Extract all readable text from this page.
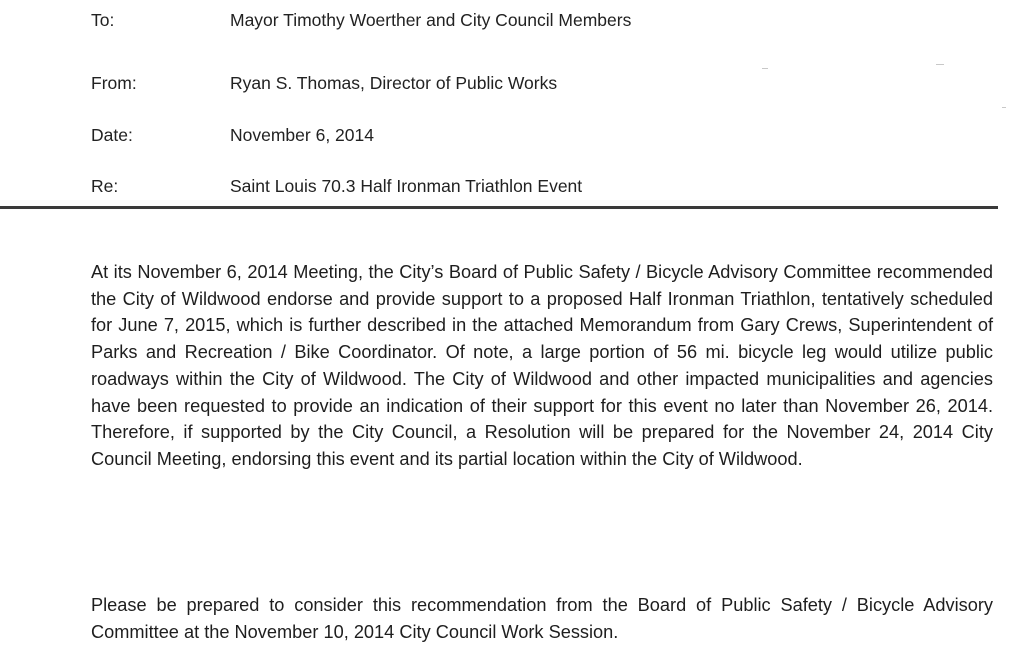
To:	Mayor Timothy Woerther and City Council Members
From:	Ryan S. Thomas, Director of Public Works
Date:	November 6, 2014
Re:	Saint Louis 70.3 Half Ironman Triathlon Event

At its November 6, 2014 Meeting, the City’s Board of Public Safety / Bicycle Advisory Committee recommended the City of Wildwood endorse and provide support to a proposed Half Ironman Triathlon, tentatively scheduled for June 7, 2015, which is further described in the attached Memorandum from Gary Crews, Superintendent of Parks and Recreation / Bike Coordinator. Of note, a large portion of 56 mi. bicycle leg would utilize public roadways within the City of Wildwood. The City of Wildwood and other impacted municipalities and agencies have been requested to provide an indication of their support for this event no later than November 26, 2014. Therefore, if supported by the City Council, a Resolution will be prepared for the November 24, 2014 City Council Meeting, endorsing this event and its partial location within the City of Wildwood.

Please be prepared to consider this recommendation from the Board of Public Safety / Bicycle Advisory Committee at the November 10, 2014 City Council Work Session.
